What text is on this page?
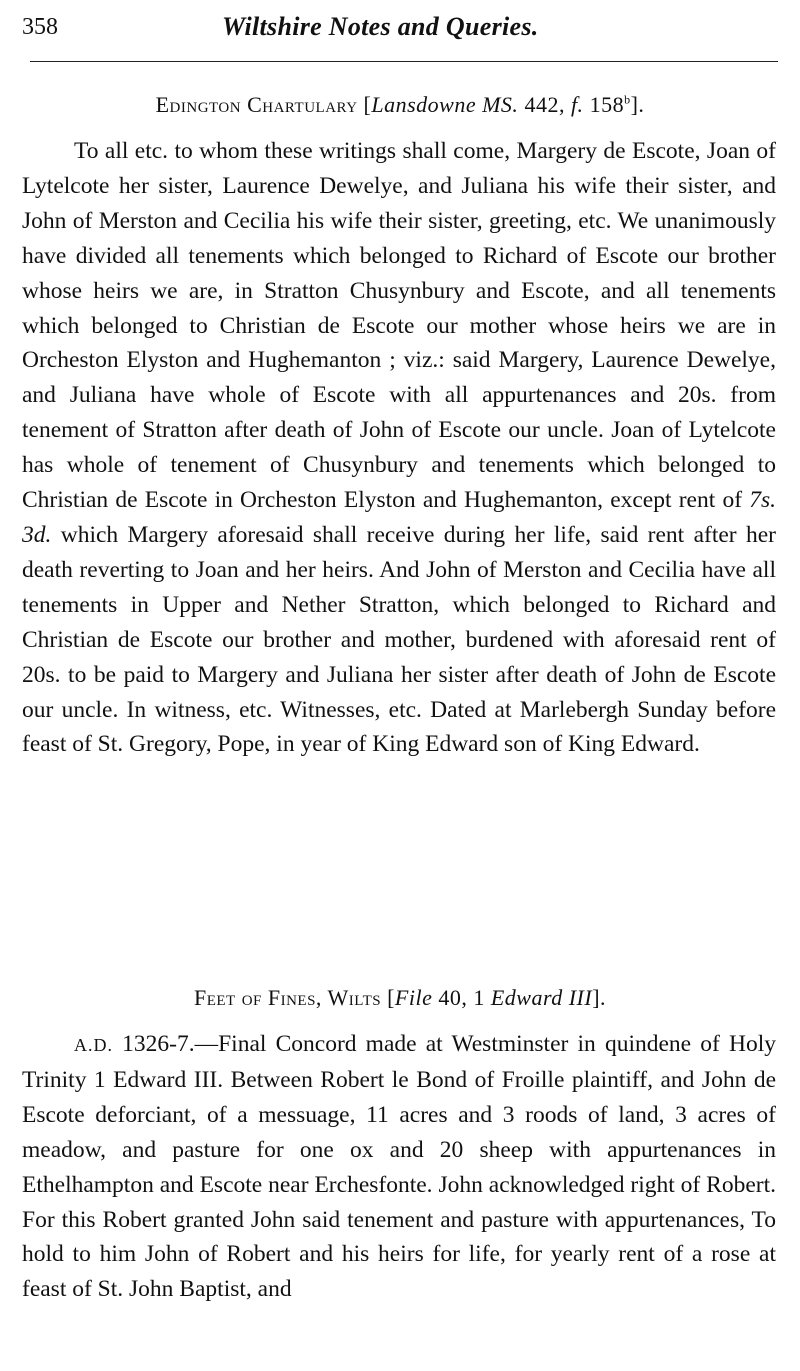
358	Wiltshire Notes and Queries.
Edington Chartulary [Lansdowne MS. 442, f. 158$^b$].

To all etc. to whom these writings shall come, Margery de Escote, Joan of Lytelcote her sister, Laurence Dewelye, and Juliana his wife their sister, and John of Merston and Cecilia his wife their sister, greeting, etc. We unanimously have divided all tenements which belonged to Richard of Escote our brother whose heirs we are, in Stratton Chusynbury and Escote, and all tenements which belonged to Christian de Escote our mother whose heirs we are in Orcheston Elyston and Hughemanton ; viz.: said Margery, Laurence Dewelye, and Juliana have whole of Escote with all appurtenances and 20s. from tenement of Stratton after death of John of Escote our uncle. Joan of Lytelcote has whole of tenement of Chusynbury and tenements which belonged to Christian de Escote in Orcheston Elyston and Hughemanton, except rent of 7s. 3d. which Margery aforesaid shall receive during her life, said rent after her death reverting to Joan and her heirs. And John of Merston and Cecilia have all tenements in Upper and Nether Stratton, which belonged to Richard and Christian de Escote our brother and mother, burdened with aforesaid rent of 20s. to be paid to Margery and Juliana her sister after death of John de Escote our uncle. In witness, etc. Witnesses, etc. Dated at Marlebergh Sunday before feast of St. Gregory, Pope, in year of King Edward son of King Edward.

Feet of Fines, Wilts [File 40, 1 Edward III].

A.D. 1326-7.—Final Concord made at Westminster in quindene of Holy Trinity 1 Edward III. Between Robert le Bond of Froille plaintiff, and John de Escote deforciant, of a messuage, 11 acres and 3 roods of land, 3 acres of meadow, and pasture for one ox and 20 sheep with appurtenances in Ethelhampton and Escote near Erchesfonte. John acknowledged right of Robert. For this Robert granted John said tenement and pasture with appurtenances, To hold to him John of Robert and his heirs for life, for yearly rent of a rose at feast of St. John Baptist, and
